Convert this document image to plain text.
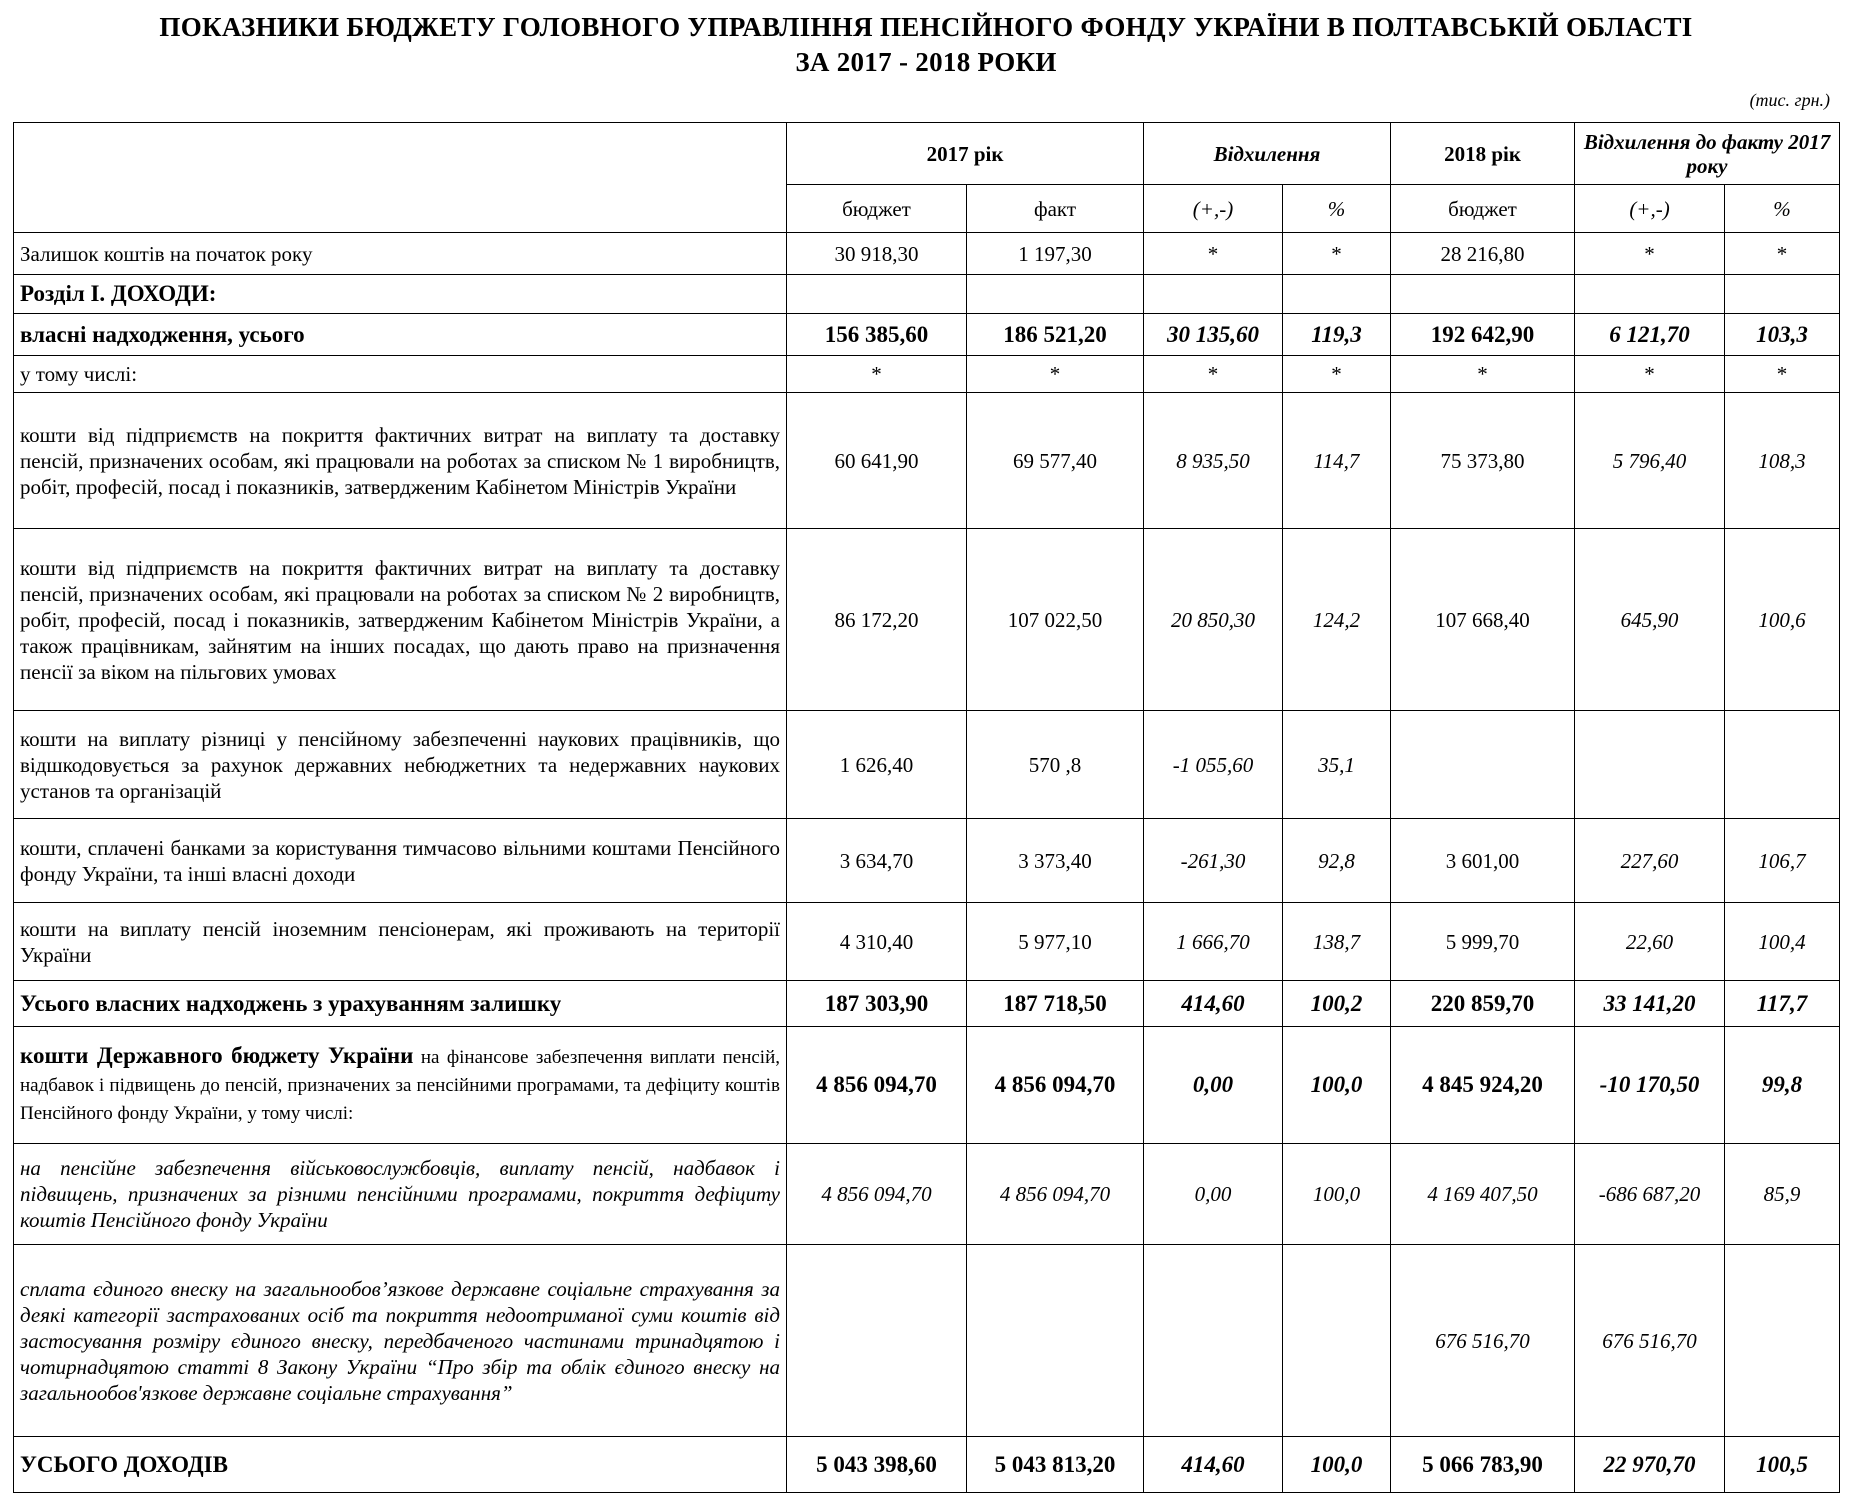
ПОКАЗНИКИ БЮДЖЕТУ ГОЛОВНОГО УПРАВЛІННЯ ПЕНСІЙНОГО ФОНДУ УКРАЇНИ В ПОЛТАВСЬКІЙ ОБЛАСТІ
ЗА 2017 - 2018 РОКИ
(тис. грн.)
	2017 рік		Відхилення		2018 рік	Відхилення до факту 2017 року	
	бюджет	факт	(+,-)	%	бюджет	(+,-)	%
Залишок коштів на початок року	30 918,30	1 197,30	*	*	28 216,80	*	*
Розділ І. ДОХОДИ:							
власні надходження, усього	156 385,60	186 521,20	30 135,60	119,3	192 642,90	6 121,70	103,3
у тому числі:	*	*	*	*	*	*	*
кошти від підприємств на покриття фактичних витрат на виплату та доставку пенсій, призначених особам, які працювали на роботах за списком № 1 виробництв, робіт, професій, посад і показників, затвердженим Кабінетом Міністрів України	60 641,90	69 577,40	8 935,50	114,7	75 373,80	5 796,40	108,3
кошти від підприємств на покриття фактичних витрат на виплату та доставку пенсій, призначених особам, які працювали на роботах за списком № 2 виробництв, робіт, професій, посад і показників, затвердженим Кабінетом Міністрів України, а також працівникам, зайнятим на інших посадах, що дають право на призначення пенсії за віком на пільгових умовах	86 172,20	107 022,50	20 850,30	124,2	107 668,40	645,90	100,6
кошти на виплату різниці у пенсійному забезпеченні наукових працівників, що відшкодовується за рахунок державних небюджетних та недержавних наукових установ та організацій	1 626,40	570 ,8	-1 055,60	35,1			
кошти, сплачені банками за користування тимчасово вільними коштами Пенсійного фонду України, та інші власні доходи	3 634,70	3 373,40	-261,30	92,8	3 601,00	227,60	106,7
кошти на виплату пенсій іноземним пенсіонерам, які проживають на території України	4 310,40	5 977,10	1 666,70	138,7	5 999,70	22,60	100,4
Усього власних надходжень з урахуванням залишку	187 303,90	187 718,50	414,60	100,2	220 859,70	33 141,20	117,7
кошти Державного бюджету України на фінансове забезпечення виплати пенсій, надбавок і підвищень до пенсій, призначених за пенсійними програмами, та дефіциту коштів Пенсійного фонду України, у тому числі:	4 856 094,70	4 856 094,70	0,00	100,0	4 845 924,20	-10 170,50	99,8
на пенсійне забезпечення військовослужбовців, виплату пенсій, надбавок і підвищень, призначених за різними пенсійними програмами, покриття дефіциту коштів Пенсійного фонду України	4 856 094,70	4 856 094,70	0,00	100,0	4 169 407,50	-686 687,20	85,9
сплата єдиного внеску на загальнообов’язкове державне соціальне страхування за деякі категорії застрахованих осіб та покриття недоотриманої суми коштів від застосування розміру єдиного внеску, передбаченого частинами тринадцятою і чотирнадцятою статті 8 Закону України “Про збір та облік єдиного внеску на загальнообов'язкове державне соціальне страхування”					676 516,70	676 516,70	
УСЬОГО ДОХОДІВ	5 043 398,60	5 043 813,20	414,60	100,0	5 066 783,90	22 970,70	100,5
